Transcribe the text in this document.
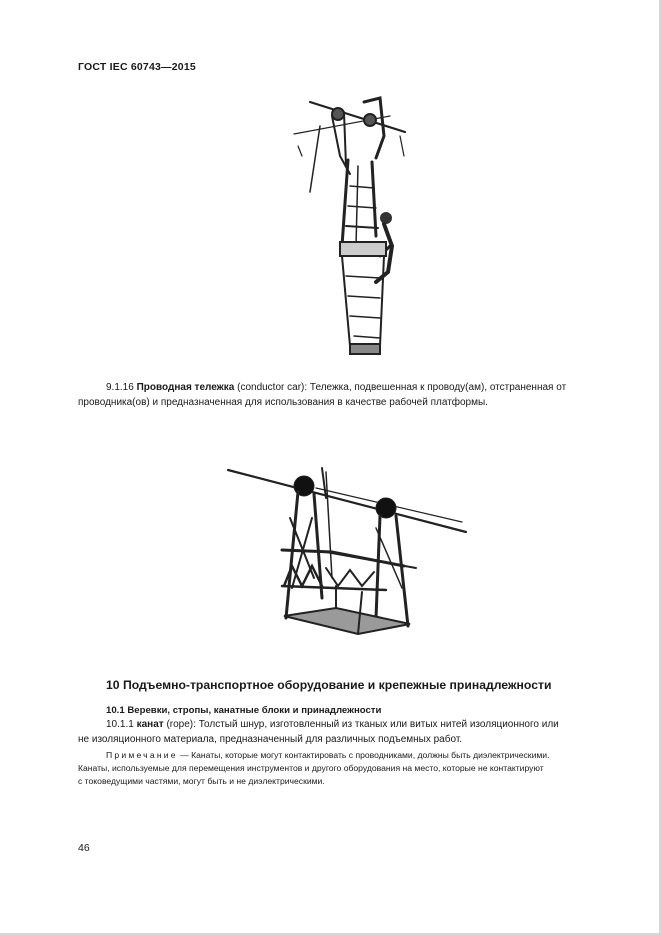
ГОСТ IEC 60743—2015
9.1.16 Проводная тележка (conductor car): Тележка, подвешенная к проводу(ам), отстраненная от
проводника(ов) и предназначенная для использования в качестве рабочей платформы.
10 Подъемно-транспортное оборудование и крепежные принадлежности
10.1 Веревки, стропы, канатные блоки и принадлежности
10.1.1 канат (rope): Толстый шнур, изготовленный из тканых или витых нитей изоляционного или
не изоляционного материала, предназначенный для различных подъемных работ.
Примечание — Канаты, которые могут контактировать с проводниками, должны быть диэлектрическими.
Канаты, используемые для перемещения инструментов и другого оборудования на место, которые не контактируют
с токоведущими частями, могут быть и не диэлектрическими.
46
